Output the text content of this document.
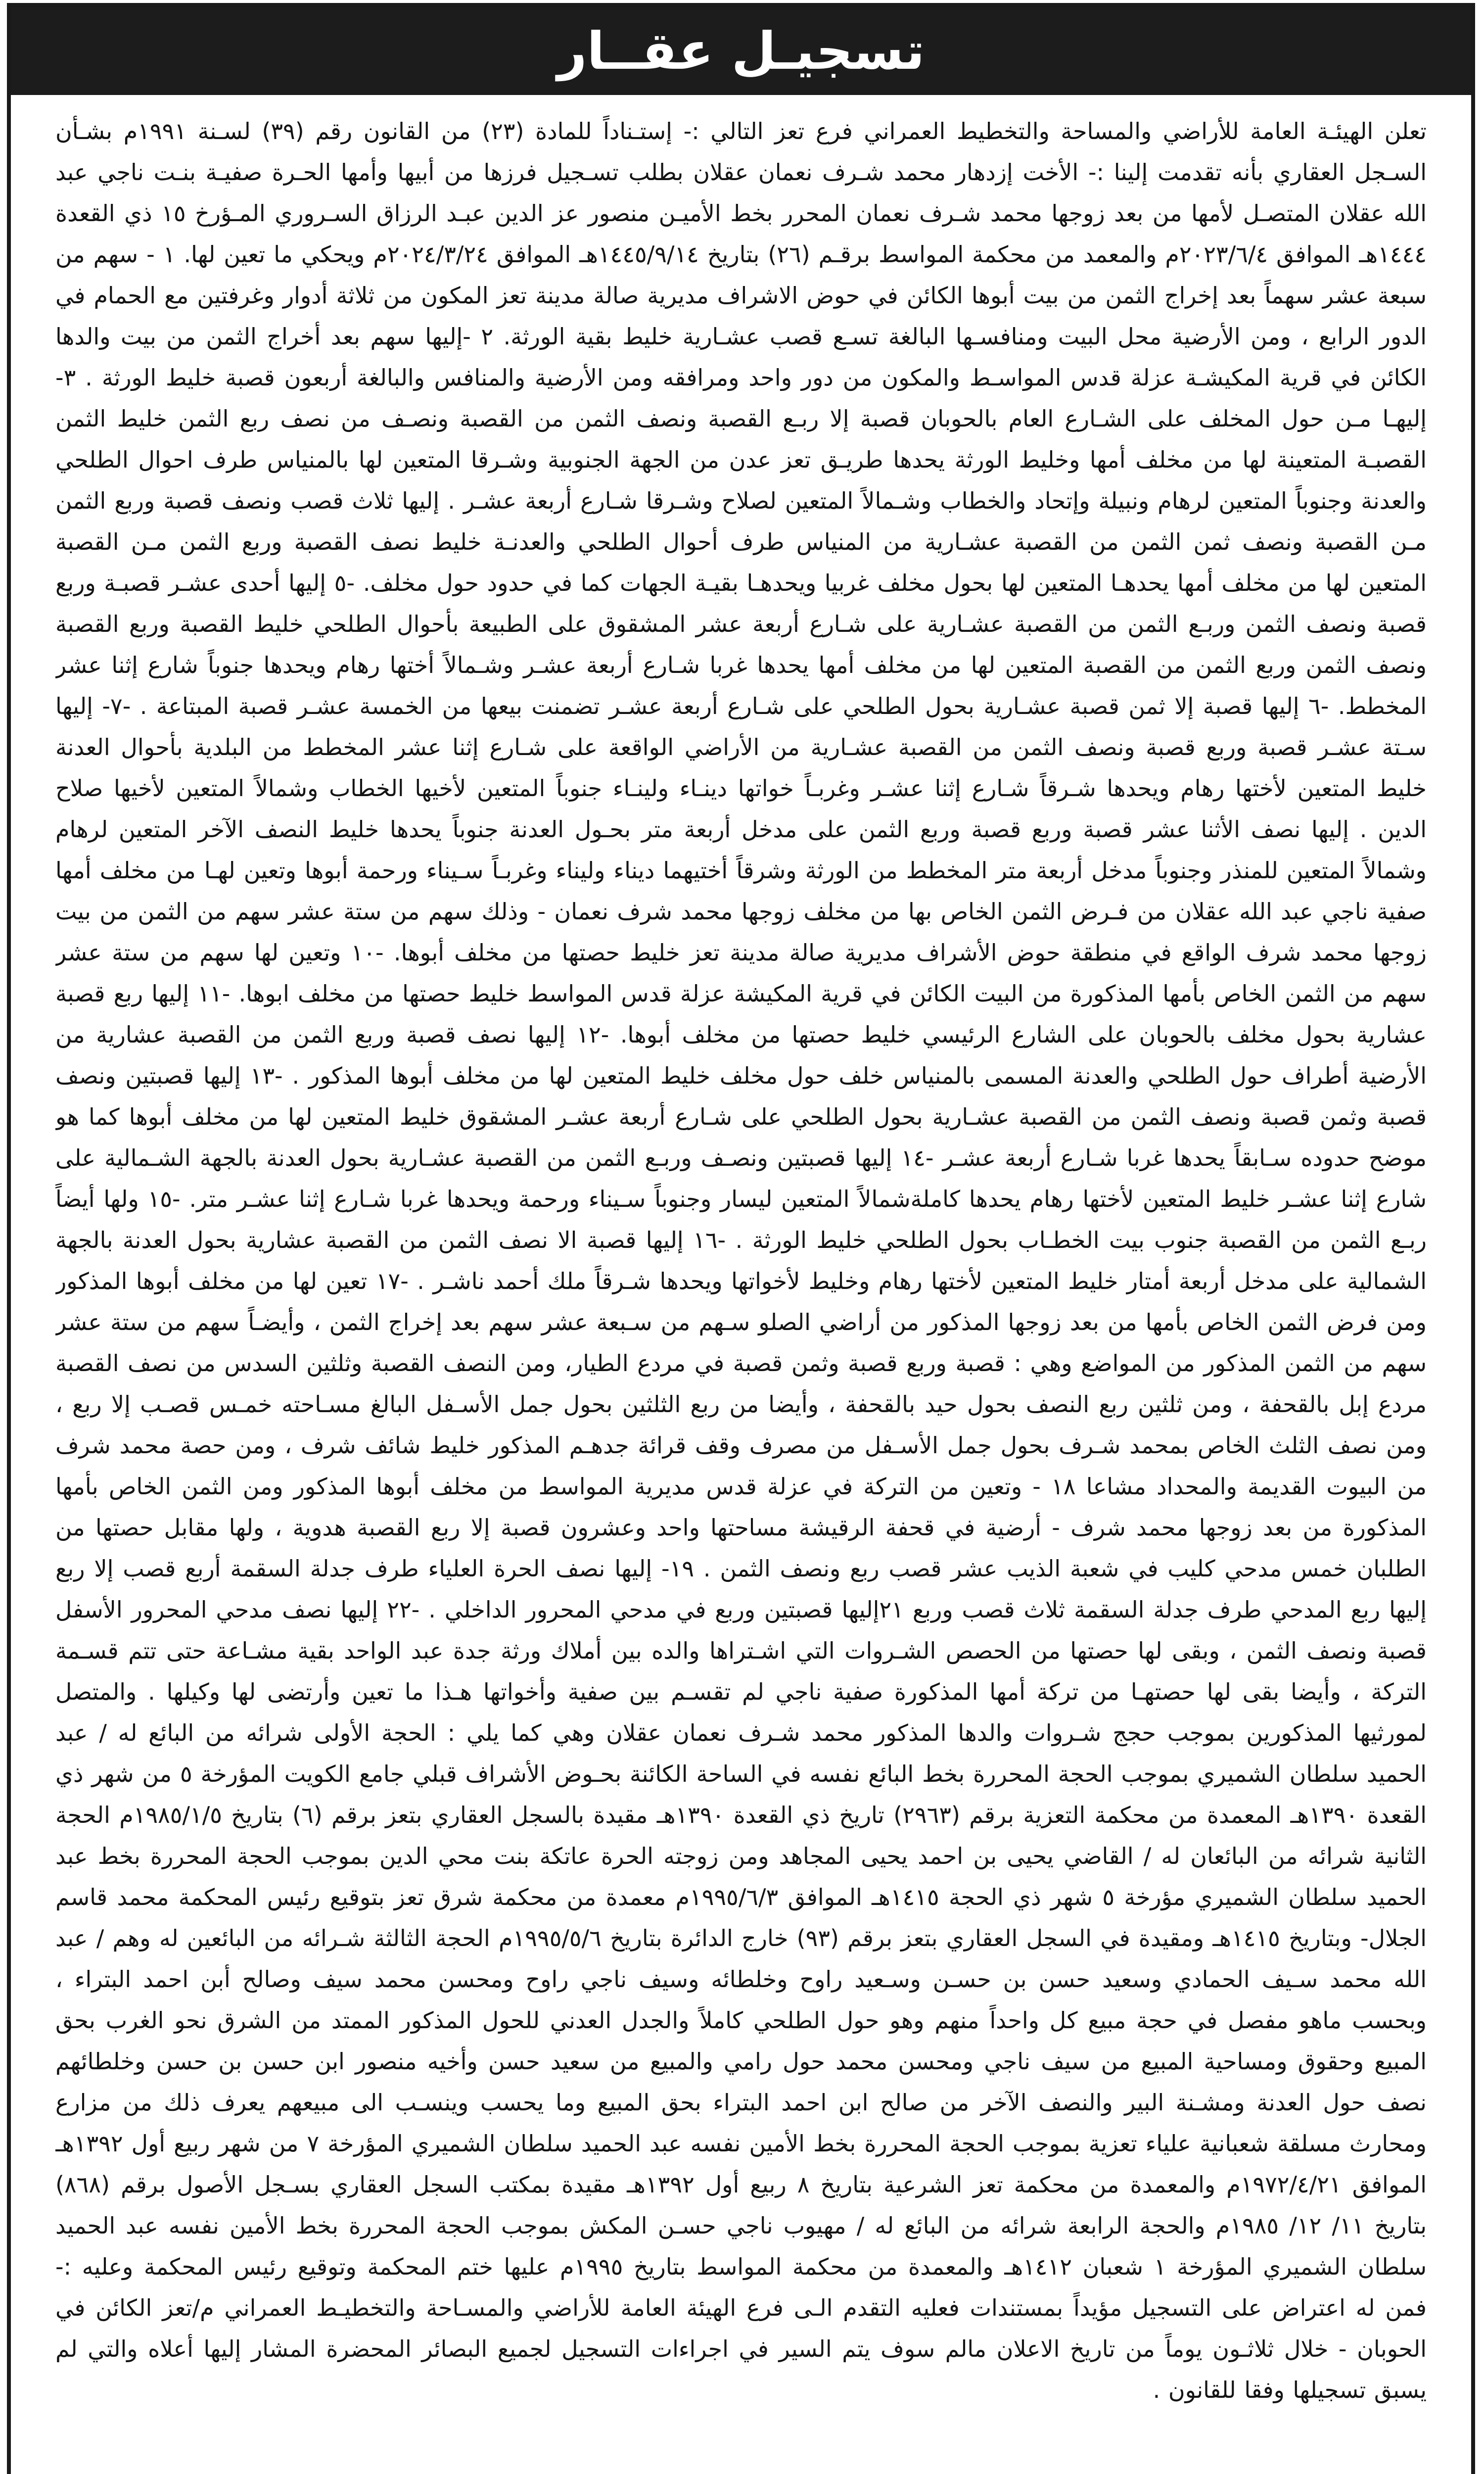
تسجيـل عقــار

تعلن الهيئـة العامة للأراضي والمساحة والتخطيط العمراني فرع تعز التالي :- إستـناداً للمادة (٢٣) من القانون رقم (٣٩) لسـنة ١٩٩١م بشـأن السـجل العقاري بأنه تقدمت إلينا :- الأخت إزدهار محمد شـرف نعمان عقلان بطلب تسـجيل فرزها من أبيها وأمها الحـرة صفيـة بنـت ناجي عبد الله عقلان المتصـل لأمها من بعد زوجها محمد شـرف نعمان المحرر بخط الأميـن منصور عز الدين عبـد الرزاق السـروري المـؤرخ ١٥ ذي القعدة ١٤٤٤هـ الموافق ٢٠٢٣/٦/٤م والمعمد من محكمة المواسط برقـم (٢٦) بتاريخ ١٤٤٥/٩/١٤هـ الموافق ٢٠٢٤/٣/٢٤م ويحكي ما تعين لها. ١ - سهم من سبعة عشر سهماً بعد إخراج الثمن من بيت أبوها الكائن في حوض الاشراف مديرية صالة مدينة تعز المكون من ثلاثة أدوار وغرفتين مع الحمام في الدور الرابع ، ومن الأرضية محل البيت ومنافسـها البالغة تسـع قصب عشـارية خليط بقية الورثة. ٢ -إليها سهم بعد أخراج الثمن من بيت والدها الكائن في قرية المكيشـة عزلة قدس المواسـط والمكون من دور واحد ومرافقه ومن الأرضية والمنافس والبالغة أربعون قصبة خليط الورثة . ٣- إليهـا مـن حول المخلف على الشـارع العام بالحوبان قصبة إلا ربـع القصبة ونصف الثمن من القصبة ونصـف من نصف ربع الثمن خليط الثمن القصبـة المتعينة لها من مخلف أمها وخليط الورثة يحدها طريـق تعز عدن من الجهة الجنوبية وشـرقا المتعين لها بالمنياس طرف احوال الطلحي والعدنة وجنوباً المتعين لرهام ونبيلة وإتحاد والخطاب وشـمالاً المتعين لصلاح وشـرقا شـارع أربعة عشـر . إليها ثلاث قصب ونصف قصبة وربع الثمن مـن القصبة ونصف ثمن الثمن من القصبة عشـارية من المنياس طرف أحوال الطلحي والعدنـة خليط نصف القصبة وربع الثمن مـن القصبة المتعين لها من مخلف أمها يحدهـا المتعين لها بحول مخلف غربيا ويحدهـا بقيـة الجهات كما في حدود حول مخلف. -٥ إليها أحدى عشـر قصبـة وربع قصبة ونصف الثمن وربـع الثمن من القصبة عشـارية على شـارع أربعة عشر المشقوق على الطبيعة بأحوال الطلحي خليط القصبة وربع القصبة ونصف الثمن وربع الثمن من القصبة المتعين لها من مخلف أمها يحدها غربا شـارع أربعة عشـر وشـمالاً أختها رهام ويحدها جنوباً شارع إثنا عشر المخطط. -٦ إليها قصبة إلا ثمن قصبة عشـارية بحول الطلحي على شـارع أربعة عشـر تضمنت بيعها من الخمسة عشـر قصبة المبتاعة . -٧- إليها سـتة عشـر قصبة وربع قصبة ونصف الثمن من القصبة عشـارية من الأراضي الواقعة على شـارع إثنا عشر المخطط من البلدية بأحوال العدنة خليط المتعين لأختها رهام ويحدها شـرقاً شـارع إثنا عشـر وغربـاً خواتها دينـاء ولينـاء جنوباً المتعين لأخيها الخطاب وشمالاً المتعين لأخيها صلاح الدين . إليها نصف الأثنا عشر قصبة وربع قصبة وربع الثمن على مدخل أربعة متر بحـول العدنة جنوباً يحدها خليط النصف الآخر المتعين لرهام وشمالاً المتعين للمنذر وجنوباً مدخل أربعة متر المخطط من الورثة وشرقاً أختيهما ديناء وليناء وغربـاً سـيناء ورحمة أبوها وتعين لهـا من مخلف أمها صفية ناجي عبد الله عقلان من فـرض الثمن الخاص بها من مخلف زوجها محمد شرف نعمان - وذلك سهم من ستة عشر سهم من الثمن من بيت زوجها محمد شرف الواقع في منطقة حوض الأشراف مديرية صالة مدينة تعز خليط حصتها من مخلف أبوها. -١٠ وتعين لها سهم من ستة عشر سهم من الثمن الخاص بأمها المذكورة من البيت الكائن في قرية المكيشة عزلة قدس المواسط خليط حصتها من مخلف ابوها. -١١ إليها ربع قصبة عشارية بحول مخلف بالحوبان على الشارع الرئيسي خليط حصتها من مخلف أبوها. -١٢ إليها نصف قصبة وربع الثمن من القصبة عشارية من الأرضية أطراف حول الطلحي والعدنة المسمى بالمنياس خلف حول مخلف خليط المتعين لها من مخلف أبوها المذكور . -١٣ إليها قصبتين ونصف قصبة وثمن قصبة ونصف الثمن من القصبة عشـارية بحول الطلحي على شـارع أربعة عشـر المشقوق خليط المتعين لها من مخلف أبوها كما هو موضح حدوده سـابقاً يحدها غربا شـارع أربعة عشـر -١٤ إليها قصبتين ونصـف وربـع الثمن من القصبة عشـارية بحول العدنة بالجهة الشـمالية على شارع إثنا عشـر خليط المتعين لأختها رهام يحدها كاملةشمالاً المتعين ليسار وجنوباً سـيناء ورحمة ويحدها غربا شـارع إثنا عشـر متر. -١٥ ولها أيضاً ربـع الثمن من القصبة جنوب بيت الخطـاب بحول الطلحي خليط الورثة . -١٦ إليها قصبة الا نصف الثمن من القصبة عشارية بحول العدنة بالجهة الشمالية على مدخل أربعة أمتار خليط المتعين لأختها رهام وخليط لأخواتها ويحدها شـرقاً ملك أحمد ناشـر . -١٧ تعين لها من مخلف أبوها المذكور ومن فرض الثمن الخاص بأمها من بعد زوجها المذكور من أراضي الصلو سـهم من سـبعة عشر سهم بعد إخراج الثمن ، وأيضـاً سهم من ستة عشر سهم من الثمن المذكور من المواضع وهي : قصبة وربع قصبة وثمن قصبة في مردع الطيار، ومن النصف القصبة وثلثين السدس من نصف القصبة مردع إبل بالقحفة ، ومن ثلثين ربع النصف بحول حيد بالقحفة ، وأيضا من ربع الثلثين بحول جمل الأسـفل البالغ مسـاحته خمـس قصـب إلا ربع ، ومن نصف الثلث الخاص بمحمد شـرف بحول جمل الأسـفل من مصرف وقف قرائة جدهـم المذكور خليط شائف شرف ، ومن حصة محمد شرف من البيوت القديمة والمحداد مشاعا ١٨ - وتعين من التركة في عزلة قدس مديرية المواسط من مخلف أبوها المذكور ومن الثمن الخاص بأمها المذكورة من بعد زوجها محمد شرف - أرضية في قحفة الرقيشة مساحتها واحد وعشرون قصبة إلا ربع القصبة هدوية ، ولها مقابل حصتها من الطلبان خمس مدحي كليب في شعبة الذيب عشر قصب ربع ونصف الثمن . ١٩- إليها نصف الحرة العلياء طرف جدلة السقمة أربع قصب إلا ربع إليها ربع المدحي طرف جدلة السقمة ثلاث قصب وربع ٢١إليها قصبتين وربع في مدحي المحرور الداخلي . -٢٢ إليها نصف مدحي المحرور الأسفل قصبة ونصف الثمن ، وبقى لها حصتها من الحصص الشـروات التي اشـتراها والده بين أملاك ورثة جدة عبد الواحد بقية مشـاعة حتى تتم قسـمة التركة ، وأيضا بقى لها حصتهـا من تركة أمها المذكورة صفية ناجي لم تقسـم بين صفية وأخواتها هـذا ما تعين وأرتضى لها وكيلها . والمتصل لمورثيها المذكورين بموجب حجج شـروات والدها المذكور محمد شـرف نعمان عقلان وهي كما يلي : الحجة الأولى شرائه من البائع له / عبد الحميد سلطان الشميري بموجب الحجة المحررة بخط البائع نفسه في الساحة الكائنة بحـوض الأشراف قبلي جامع الكويت المؤرخة ٥ من شهر ذي القعدة ١٣٩٠هـ المعمدة من محكمة التعزية برقم (٢٩٦٣) تاريخ ذي القعدة ١٣٩٠هـ مقيدة بالسجل العقاري بتعز برقم (٦) بتاريخ ١٩٨٥/١/٥م الحجة الثانية شرائه من البائعان له / القاضي يحيى بن احمد يحيى المجاهد ومن زوجته الحرة عاتكة بنت محي الدين بموجب الحجة المحررة بخط عبد الحميد سلطان الشميري مؤرخة ٥ شهر ذي الحجة ١٤١٥هـ الموافق ١٩٩٥/٦/٣م معمدة من محكمة شرق تعز بتوقيع رئيس المحكمة محمد قاسم الجلال- وبتاريخ ١٤١٥هـ ومقيدة في السجل العقاري بتعز برقم (٩٣) خارج الدائرة بتاريخ ١٩٩٥/٥/٦م الحجة الثالثة شـرائه من البائعين له وهم / عبد الله محمد سـيف الحمادي وسعيد حسن بن حسـن وسـعيد راوح وخلطائه وسيف ناجي راوح ومحسن محمد سيف وصالح أبن احمد البتراء ، وبحسب ماهو مفصل في حجة مبيع كل واحداً منهم وهو حول الطلحي كاملاً والجدل العدني للحول المذكور الممتد من الشرق نحو الغرب بحق المبيع وحقوق ومساحية المبيع من سيف ناجي ومحسن محمد حول رامي والمبيع من سعيد حسن وأخيه منصور ابن حسن بن حسن وخلطائهم نصف حول العدنة ومشـنة البير والنصف الآخر من صالح ابن احمد البتراء بحق المبيع وما يحسب وينسـب الى مبيعهم يعرف ذلك من مزارع ومحارث مسلقة شعبانية علياء تعزية بموجب الحجة المحررة بخط الأمين نفسه عبد الحميد سلطان الشميري المؤرخة ٧ من شهر ربيع أول ١٣٩٢هـ الموافق ١٩٧٢/٤/٢١م والمعمدة من محكمة تعز الشرعية بتاريخ ٨ ربيع أول ١٣٩٢هـ مقيدة بمكتب السجل العقاري بسـجل الأصول برقم (٨٦٨) بتاريخ ١١/ ١٢/ ١٩٨٥م والحجة الرابعة شرائه من البائع له / مهيوب ناجي حسـن المكش بموجب الحجة المحررة بخط الأمين نفسه عبد الحميد سلطان الشميري المؤرخة ١ شعبان ١٤١٢هـ والمعمدة من محكمة المواسط بتاريخ ١٩٩٥م عليها ختم المحكمة وتوقيع رئيس المحكمة وعليه :- فمن له اعتراض على التسجيل مؤيداً بمستندات فعليه التقدم الـى فرع الهيئة العامة للأراضي والمسـاحة والتخطيـط العمراني م/تعز الكائن في الحوبان - خلال ثلاثـون يوماً من تاريخ الاعلان مالم سوف يتم السير في اجراءات التسجيل لجميع البصائر المحضرة المشار إليها أعلاه والتي لم يسبق تسجيلها وفقا للقانون .
